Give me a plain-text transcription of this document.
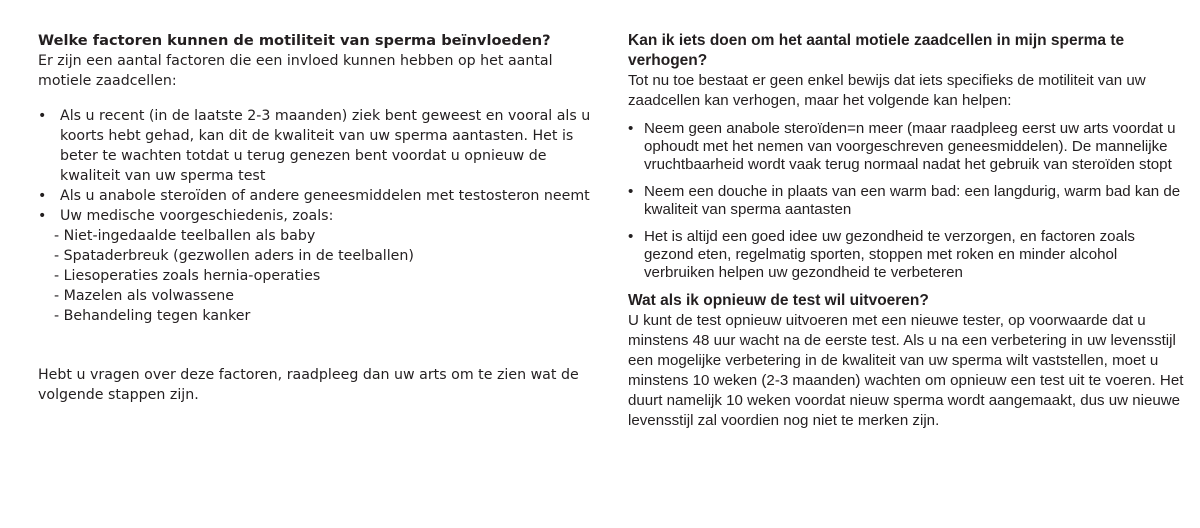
Welke factoren kunnen de motiliteit van sperma beïnvloeden?

Er zijn een aantal factoren die een invloed kunnen hebben op het aantal motiele zaadcellen:

• Als u recent (in de laatste 2-3 maanden) ziek bent geweest en vooral als u koorts hebt gehad, kan dit de kwaliteit van uw sperma aantasten. Het is beter te wachten totdat u terug genezen bent voordat u opnieuw de kwaliteit van uw sperma test
• Als u anabole steroïden of andere geneesmiddelen met testosteron neemt
• Uw medische voorgeschiedenis, zoals:
- Niet-ingedaalde teelballen als baby
- Spataderbreuk (gezwollen aders in de teelballen)
- Liesoperaties zoals hernia-operaties
- Mazelen als volwassene
- Behandeling tegen kanker

Hebt u vragen over deze factoren, raadpleeg dan uw arts om te zien wat de volgende stappen zijn.

Kan ik iets doen om het aantal motiele zaadcellen in mijn sperma te verhogen?

Tot nu toe bestaat er geen enkel bewijs dat iets specifieks de motiliteit van uw zaadcellen kan verhogen, maar het volgende kan helpen:

• Neem geen anabole steroïden=n meer (maar raadpleeg eerst uw arts voordat u ophoudt met het nemen van voorgeschreven geneesmiddelen). De mannelijke vruchtbaarheid wordt vaak terug normaal nadat het gebruik van steroïden stopt
• Neem een douche in plaats van een warm bad: een langdurig, warm bad kan de kwaliteit van sperma aantasten
• Het is altijd een goed idee uw gezondheid te verzorgen, en factoren zoals gezond eten, regelmatig sporten, stoppen met roken en minder alcohol verbruiken helpen uw gezondheid te verbeteren
Wat als ik opnieuw de test wil uitvoeren?

U kunt de test opnieuw uitvoeren met een nieuwe tester, op voorwaarde dat u minstens 48 uur wacht na de eerste test. Als u na een verbetering in uw levensstijl een mogelijke verbetering in de kwaliteit van uw sperma wilt vaststellen, moet u minstens 10 weken (2-3 maanden) wachten om opnieuw een test uit te voeren. Het duurt namelijk 10 weken voordat nieuw sperma wordt aangemaakt, dus uw nieuwe levensstijl zal voordien nog niet te merken zijn.
